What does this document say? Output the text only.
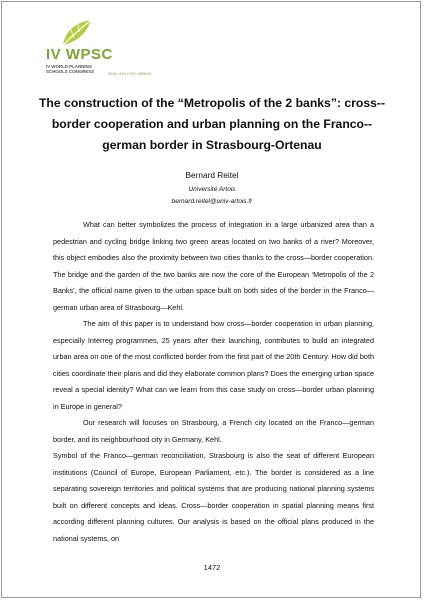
IV WPSC
IV WORLD PLANNING
SCHOOLS CONGRESS	2016 • 4TH • RIO • BRASIL
The construction of the “Metropolis of the 2 banks”: cross--border cooperation and urban planning on the Franco--german border in Strasbourg-Ortenau
Bernard Reitel
Université Artois
bernard.reitel@univ-artois.fr

What can better symbolizes the process of integration in a large urbanized area than a pedestrian and cycling bridge linking two green areas located on two banks of a river? Moreover, this object embodies also the proximity between two cities thanks to the cross—border cooperation. The bridge and the garden of the two banks are now the core of the European ‘Metropolis of the 2 Banks’, the official name given to the urban space built on both sides of the border in the Franco—german urban area of Strasbourg—Kehl.

The aim of this paper is to understand how cross—border cooperation in urban planning, especially Interreg programmes, 25 years after their launching, contributes to build an integrated urban area on one of the most conflicted border from the first part of the 20th Century. How did both cities coordinate their plans and did they elaborate common plans? Does the emerging urban space reveal a special identity? What can we learn from this case study on cross—border urban planning in Europe in general?

Our research will focuses on Strasbourg, a French city located on the Franco—german border, and its neighbourhood city in Germany, Kehl.

Symbol of the Franco—german reconciliation, Strasbourg is also the seat of different European institutions (Council of Europe, European Parliament, etc.). The border is considered as a line separating sovereign territories and political systems that are producing national planning systems built on different concepts and ideas. Cross—border cooperation in spatial planning means first according different planning cultures. Our analysis is based on the official plans produced in the national systems, on

1472
